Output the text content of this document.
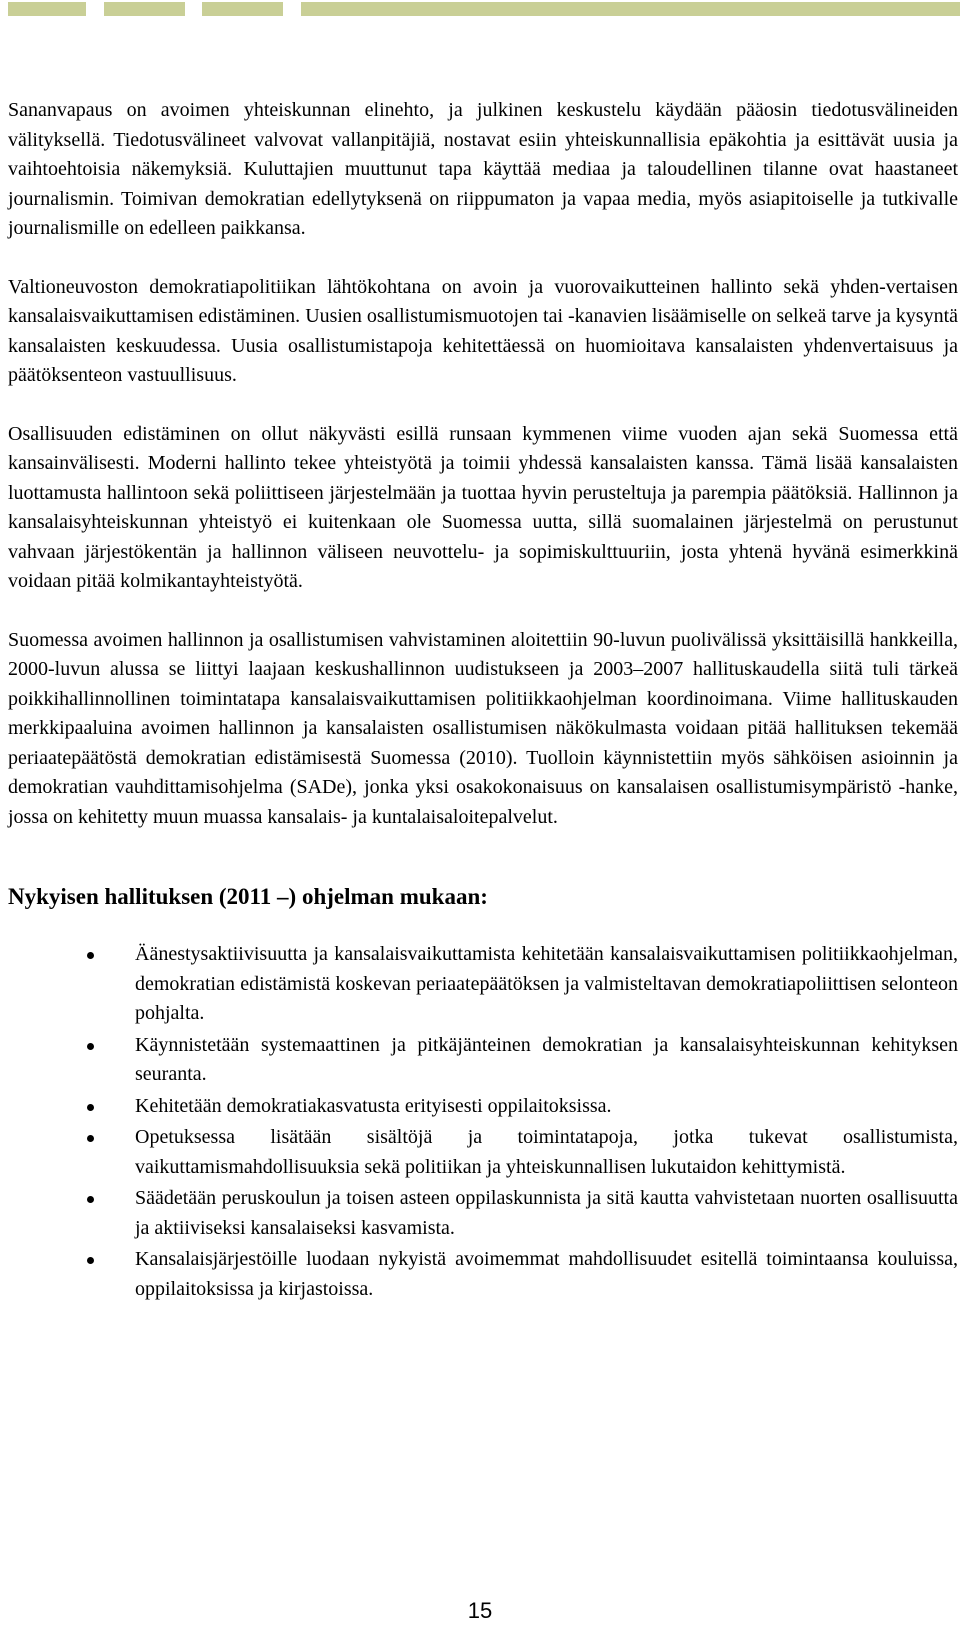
Sananvapaus on avoimen yhteiskunnan elinehto, ja julkinen keskustelu käydään pääosin tiedotusvälineiden välityksellä. Tiedotusvälineet valvovat vallanpitäjiä, nostavat esiin yhteiskunnallisia epäkohtia ja esittävät uusia ja vaihtoehtoisia näkemyksiä. Kuluttajien muuttunut tapa käyttää mediaa ja taloudellinen tilanne ovat haastaneet journalismin. Toimivan demokratian edellytyksenä on riippumaton ja vapaa media, myös asiapitoiselle ja tutkivalle journalismille on edelleen paikkansa.

Valtioneuvoston demokratiapolitiikan lähtökohtana on avoin ja vuorovaikutteinen hallinto sekä yhden-vertaisen kansalaisvaikuttamisen edistäminen. Uusien osallistumismuotojen tai -kanavien lisäämiselle on selkeä tarve ja kysyntä kansalaisten keskuudessa. Uusia osallistumistapoja kehitettäessä on huomioitava kansalaisten yhdenvertaisuus ja päätöksenteon vastuullisuus.

Osallisuuden edistäminen on ollut näkyvästi esillä runsaan kymmenen viime vuoden ajan sekä Suomessa että kansainvälisesti. Moderni hallinto tekee yhteistyötä ja toimii yhdessä kansalaisten kanssa. Tämä lisää kansalaisten luottamusta hallintoon sekä poliittiseen järjestelmään ja tuottaa hyvin perusteltuja ja parempia päätöksiä. Hallinnon ja kansalaisyhteiskunnan yhteistyö ei kuitenkaan ole Suomessa uutta, sillä suomalainen järjestelmä on perustunut vahvaan järjestökentän ja hallinnon väliseen neuvottelu- ja sopimiskulttuuriin, josta yhtenä hyvänä esimerkkinä voidaan pitää kolmikantayhteistyötä.

Suomessa avoimen hallinnon ja osallistumisen vahvistaminen aloitettiin 90-luvun puolivälissä yksittäisillä hankkeilla, 2000-luvun alussa se liittyi laajaan keskushallinnon uudistukseen ja 2003–2007 hallituskaudella siitä tuli tärkeä poikkihallinnollinen toimintatapa kansalaisvaikuttamisen politiikkaohjelman koordinoimana. Viime hallituskauden merkkipaaluina avoimen hallinnon ja kansalaisten osallistumisen näkökulmasta voidaan pitää hallituksen tekemää periaatepäätöstä demokratian edistämisestä Suomessa (2010). Tuolloin käynnistettiin myös sähköisen asioinnin ja demokratian vauhdittamisohjelma (SADe), jonka yksi osakokonaisuus on kansalaisen osallistumisympäristö -hanke, jossa on kehitetty muun muassa kansalais- ja kuntalaisaloitepalvelut.

Nykyisen hallituksen (2011 –) ohjelman mukaan:
Äänestysaktiivisuutta ja kansalaisvaikuttamista kehitetään kansalaisvaikuttamisen politiikkaohjelman, demokratian edistämistä koskevan periaatepäätöksen ja valmisteltavan demokratiapoliittisen selonteon pohjalta.
Käynnistetään systemaattinen ja pitkäjänteinen demokratian ja kansalaisyhteiskunnan kehityksen seuranta.
Kehitetään demokratiakasvatusta erityisesti oppilaitoksissa.
Opetuksessa lisätään sisältöjä ja toimintatapoja, jotka tukevat osallistumista, vaikuttamismahdollisuuksia sekä politiikan ja yhteiskunnallisen lukutaidon kehittymistä.
Säädetään peruskoulun ja toisen asteen oppilaskunnista ja sitä kautta vahvistetaan nuorten osallisuutta ja aktiiviseksi kansalaiseksi kasvamista.
Kansalaisjärjestöille luodaan nykyistä avoimemmat mahdollisuudet esitellä toimintaansa kouluissa, oppilaitoksissa ja kirjastoissa.
15
